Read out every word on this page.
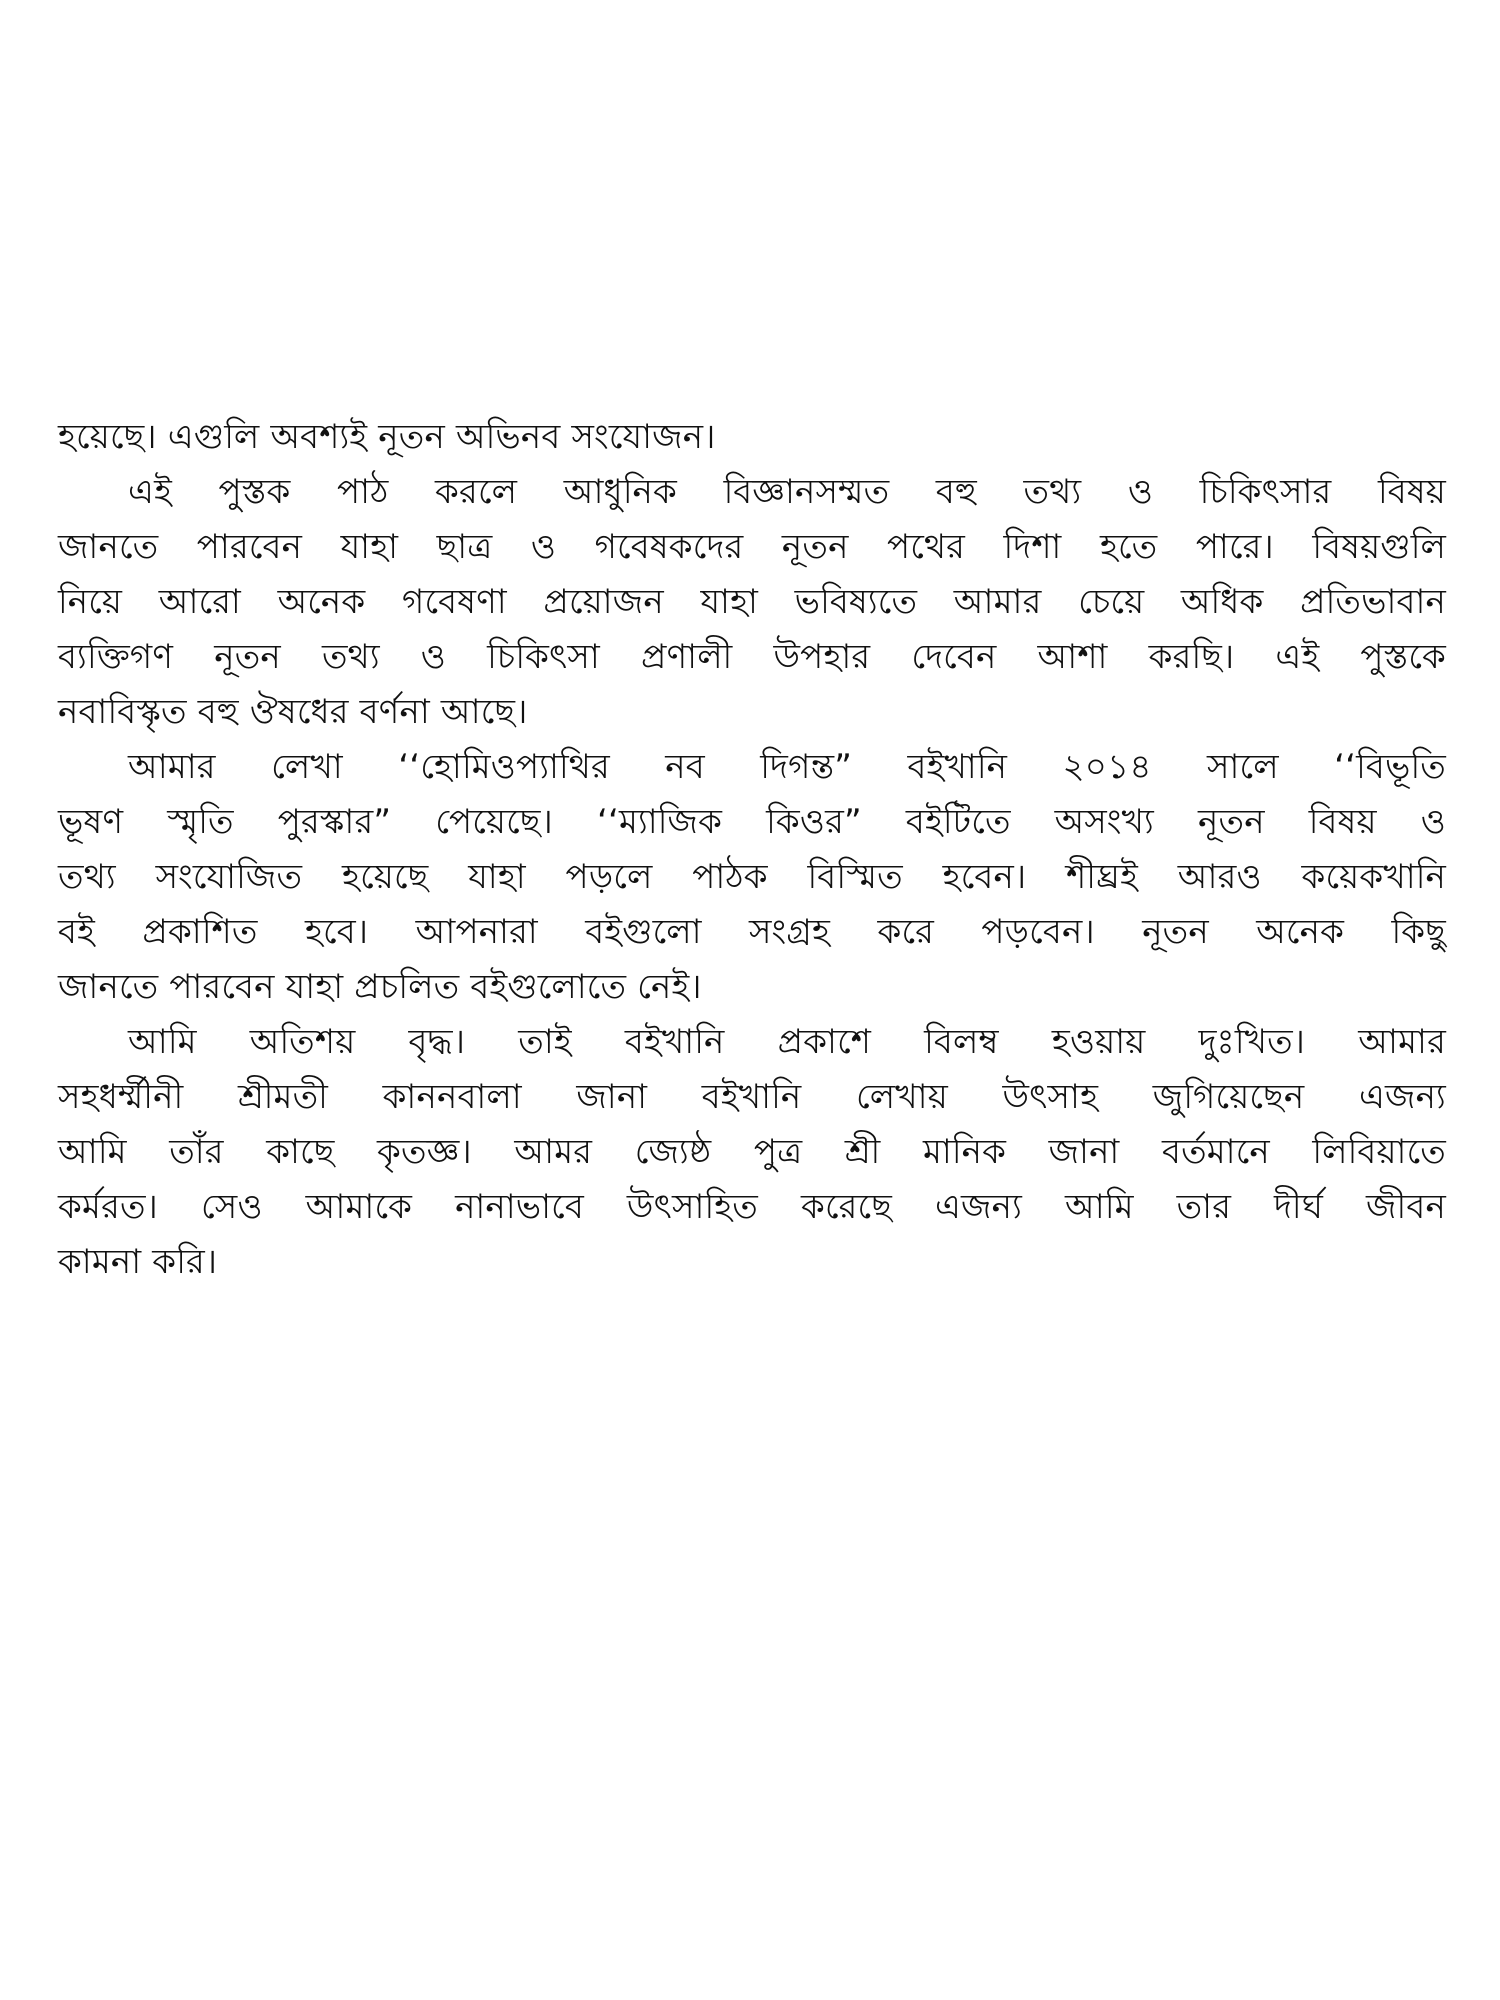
হয়েছে। এগুলি অবশ্যই নূতন অভিনব সংযোজন।
এই পুস্তক পাঠ করলে আধুনিক বিজ্ঞানসম্মত বহু তথ্য ও চিকিৎসার বিষয়
জানতে পারবেন যাহা ছাত্র ও গবেষকদের নূতন পথের দিশা হতে পারে। বিষয়গুলি
নিয়ে আরো অনেক গবেষণা প্রয়োজন যাহা ভবিষ্যতে আমার চেয়ে অধিক প্রতিভাবান
ব্যক্তিগণ নূতন তথ্য ও চিকিৎসা প্রণালী উপহার দেবেন আশা করছি। এই পুস্তকে
নবাবিস্কৃত বহু ঔষধের বর্ণনা আছে।
আমার লেখা ‘‘হোমিওপ্যাথির নব দিগন্ত” বইখানি ২০১৪ সালে ‘‘বিভূতি
ভূষণ স্মৃতি পুরস্কার” পেয়েছে। ‘‘ম্যাজিক কিওর” বইটিতে অসংখ্য নূতন বিষয় ও
তথ্য সংযোজিত হয়েছে যাহা পড়লে পাঠক বিস্মিত হবেন। শীঘ্রই আরও কয়েকখানি
বই প্রকাশিত হবে। আপনারা বইগুলো সংগ্রহ করে পড়বেন। নূতন অনেক কিছু
জানতে পারবেন যাহা প্রচলিত বইগুলোতে নেই।
আমি অতিশয় বৃদ্ধ। তাই বইখানি প্রকাশে বিলম্ব হওয়ায় দুঃখিত। আমার
সহধর্ম্মীনী শ্রীমতী কাননবালা জানা বইখানি লেখায় উৎসাহ জুগিয়েছেন এজন্য
আমি তাঁর কাছে কৃতজ্ঞ। আমর জ্যেষ্ঠ পুত্র শ্রী মানিক জানা বর্তমানে লিবিয়াতে
কর্মরত। সেও আমাকে নানাভাবে উৎসাহিত করেছে এজন্য আমি তার দীর্ঘ জীবন
কামনা করি।
